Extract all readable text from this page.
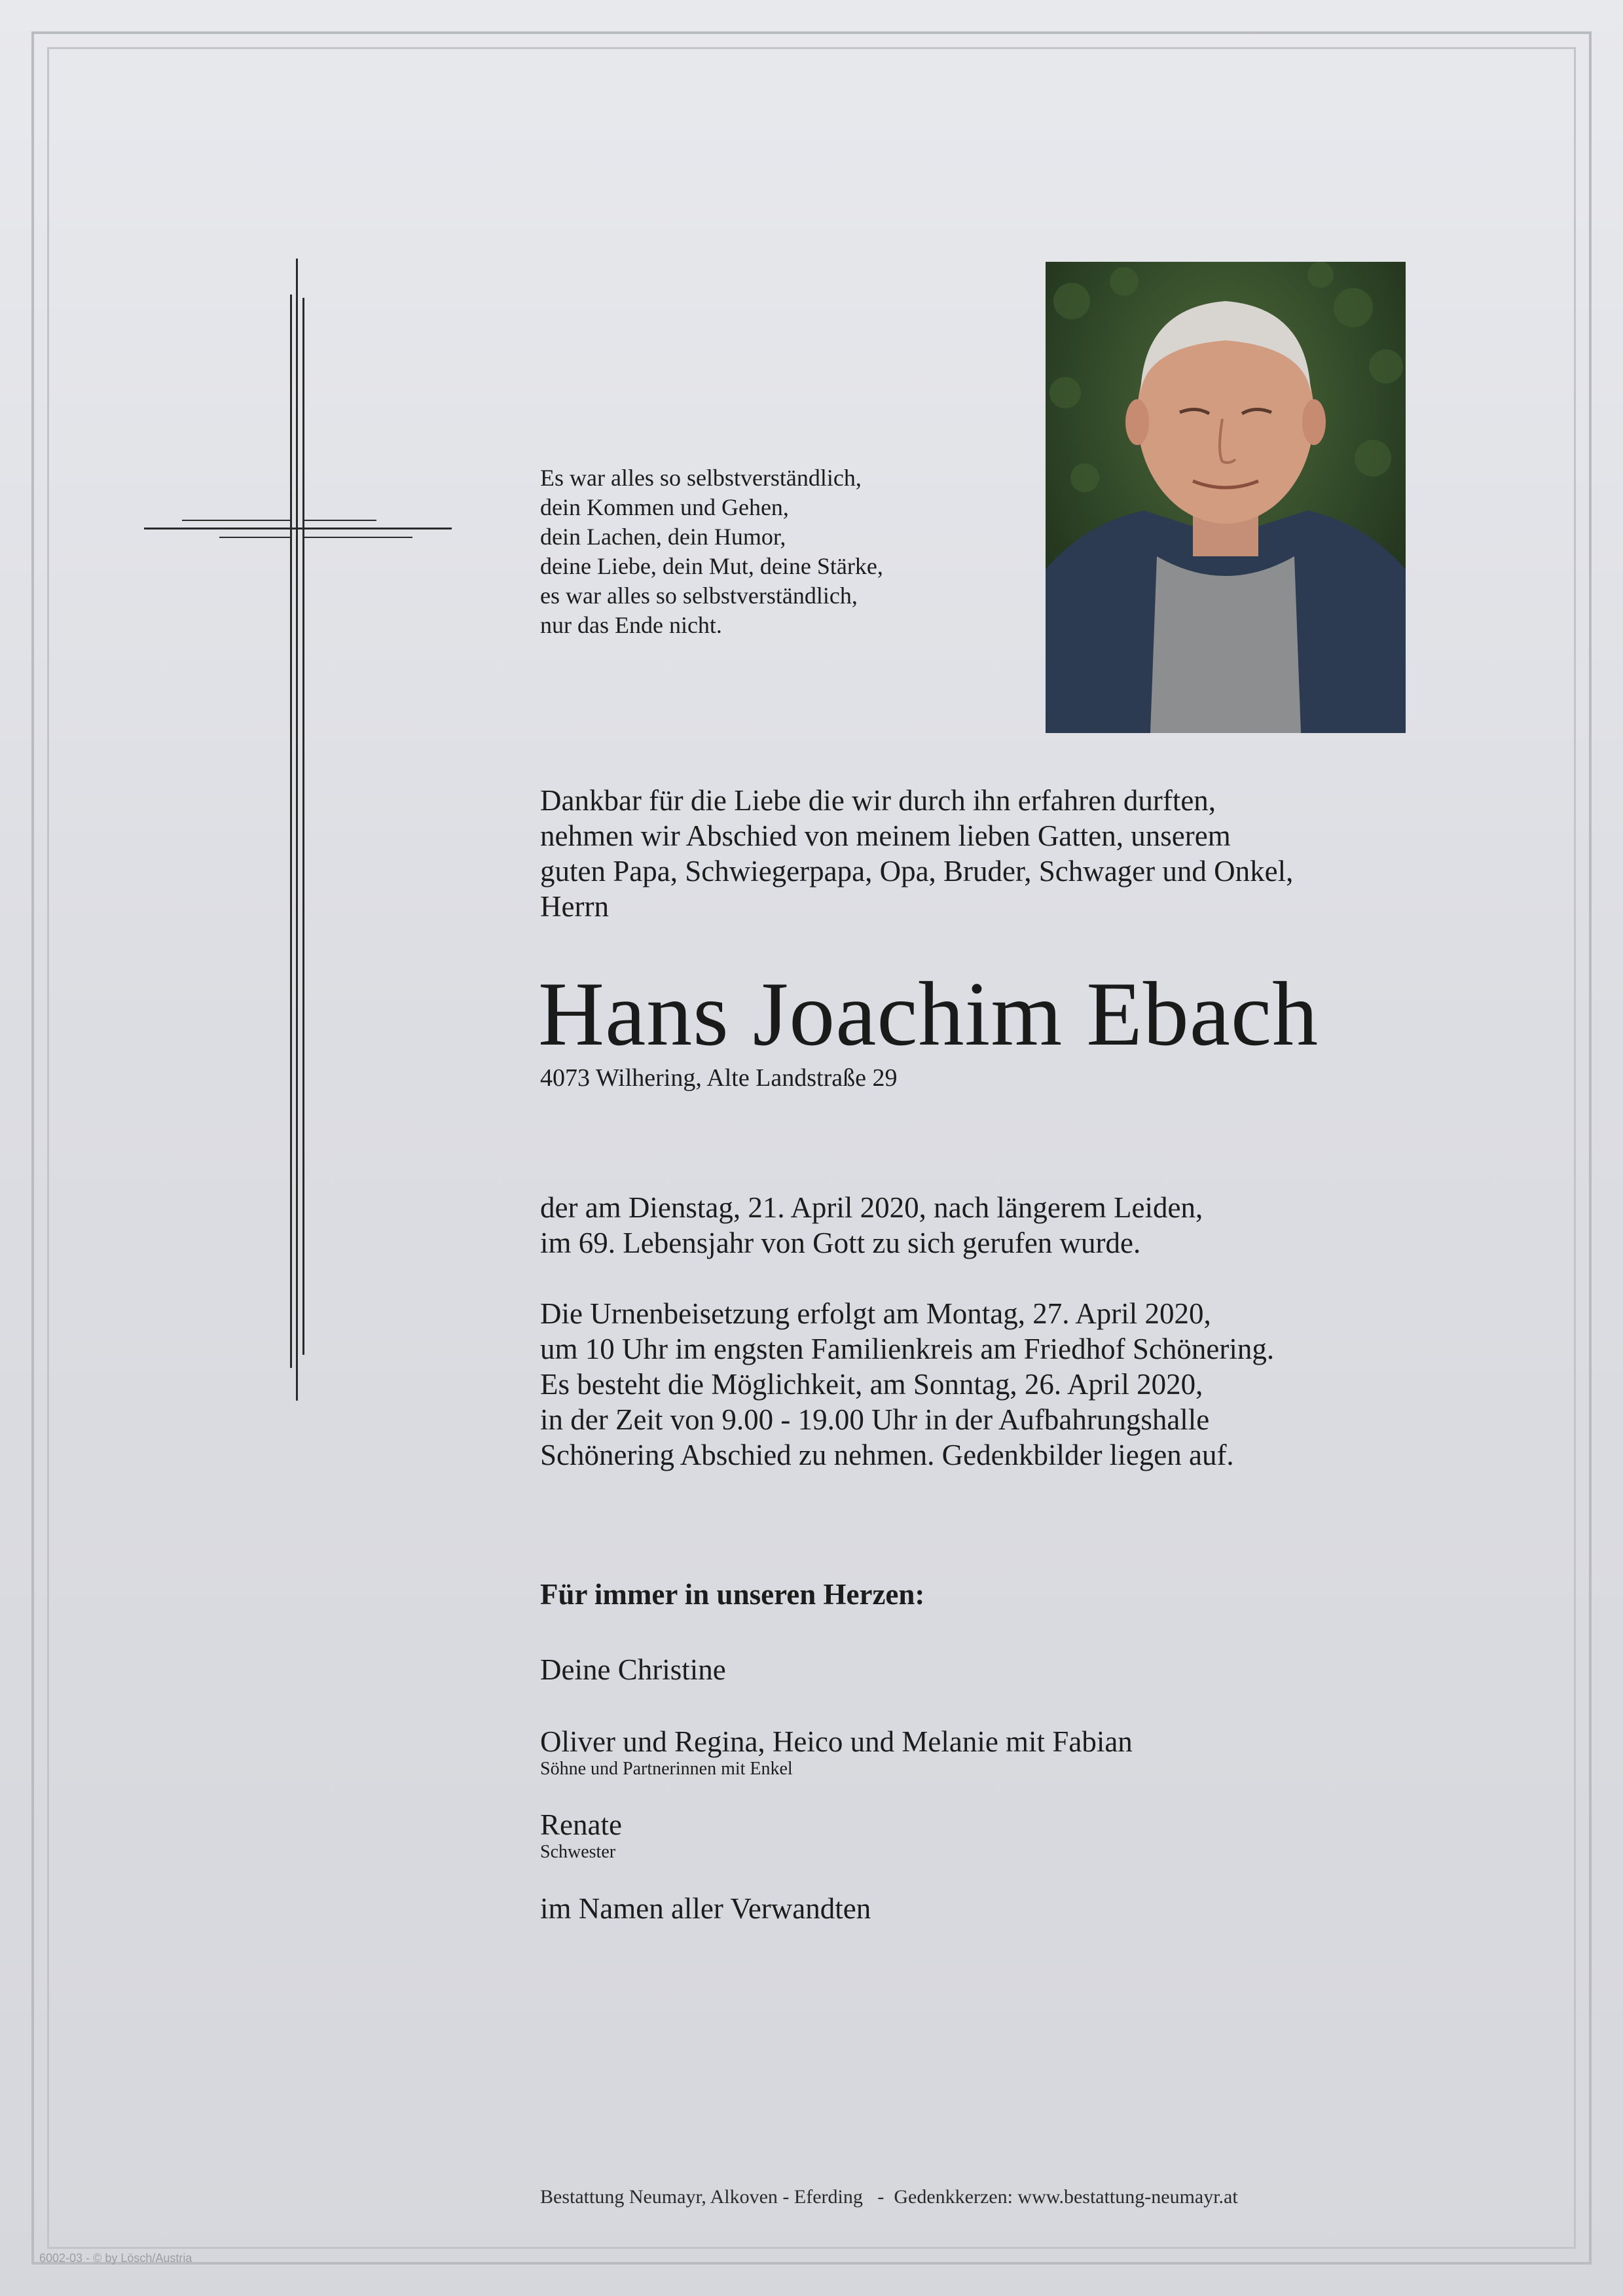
Es war alles so selbstverständlich,

dein Kommen und Gehen,

dein Lachen, dein Humor,

deine Liebe, dein Mut, deine Stärke,

es war alles so selbstverständlich,

nur das Ende nicht.

Dankbar für die Liebe die wir durch ihn erfahren durften,

nehmen wir Abschied von meinem lieben Gatten, unserem

guten Papa, Schwiegerpapa, Opa, Bruder, Schwager und Onkel,

Herrn

Hans Joachim Ebach
4073 Wilhering, Alte Landstraße 29

der am Dienstag, 21. April 2020, nach längerem Leiden,

im 69. Lebensjahr von Gott zu sich gerufen wurde.

Die Urnenbeisetzung erfolgt am Montag, 27. April 2020,

um 10 Uhr im engsten Familienkreis am Friedhof Schönering.

Es besteht die Möglichkeit, am Sonntag, 26. April 2020,

in der Zeit von 9.00 - 19.00 Uhr in der Aufbahrungshalle

Schönering Abschied zu nehmen. Gedenkbilder liegen auf.

Für immer in unseren Herzen:
Deine Christine
Oliver und Regina, Heico und Melanie mit Fabian
Söhne und Partnerinnen mit Enkel
Renate
Schwester
im Namen aller Verwandten
Bestattung Neumayr, Alkoven - Eferding   -  Gedenkkerzen: www.bestattung-neumayr.at
6002-03 - © by Lösch/Austria
